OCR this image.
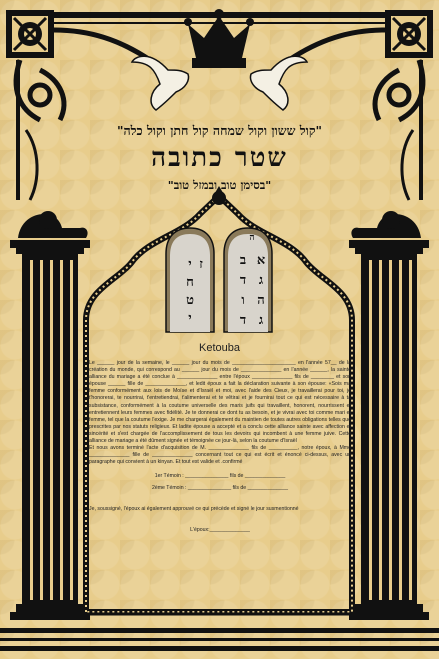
"קול ששון וקול שמחה קול חתן וקול כלה"
שטר כתובה
"בסימן טוב ובמזל טוב"
י
ח
ט
י
ז	א
ב
ג
ד
ה
ו
ג
ד
ה
Ketouba

Le ______ jour de la semaine, le ______ jour du mois de ______________________ en l'année 57__ de la création du monde, qui correspond au ______ jour du mois de ______________ en l'année ______, la sainte alliance du mariage a été conclue à ______________ entre l'époux ______________ fils de ________ et son épouse ______ fille de ______________, et ledit époux a fait la déclaration suivante à son épouse: «Sois ma femme conformément aux lois de Moïse et d'Israël et moi, avec l'aide des Cieux, je travaillerai pour toi, je t'honorerai, te nourrirai, t'entretiendrai, t'alimenterai et te vêtirai et je fournirai tout ce qui est nécessaire à ta subsistance, conformément à la coutume universelle des maris juifs qui travaillent, honorent, nourrissent et entretiennent leurs femmes avec fidélité. Je te donnerai ce dont tu as besoin, et je vivrai avec toi comme mari et femme, tel que la coutume l'exige. Je me chargerai également du maintien de toutes autres obligations telles que prescrites par nos statuts religieux. Et ladite épouse a accepté et a conclu cette alliance sainte avec affection et sincérité et s'est chargée de l'accomplissement de tous les devoirs qui incombent à une femme juive. Cette alliance de mariage a été dûment signée et témoignée ce jour-là, selon la coutume d'Israël

Et nous avons terminé l'acte d'acquisition de M. ______________ fils de __________, notre époux, à Mme ______________ fille de ______________ concernant tout ce qui est écrit et énoncé ci-dessus, avec un paragraphe qui convient à un kinyan. Et tout est valide et .confirmé

1er Témoin : _______________ fils de ______________

2ème Témoin : _______________ fils de ______________

Je, soussigné, l'époux ai également approuvé ce qui précède et signé le jour susmentionné

L'époux:______________
